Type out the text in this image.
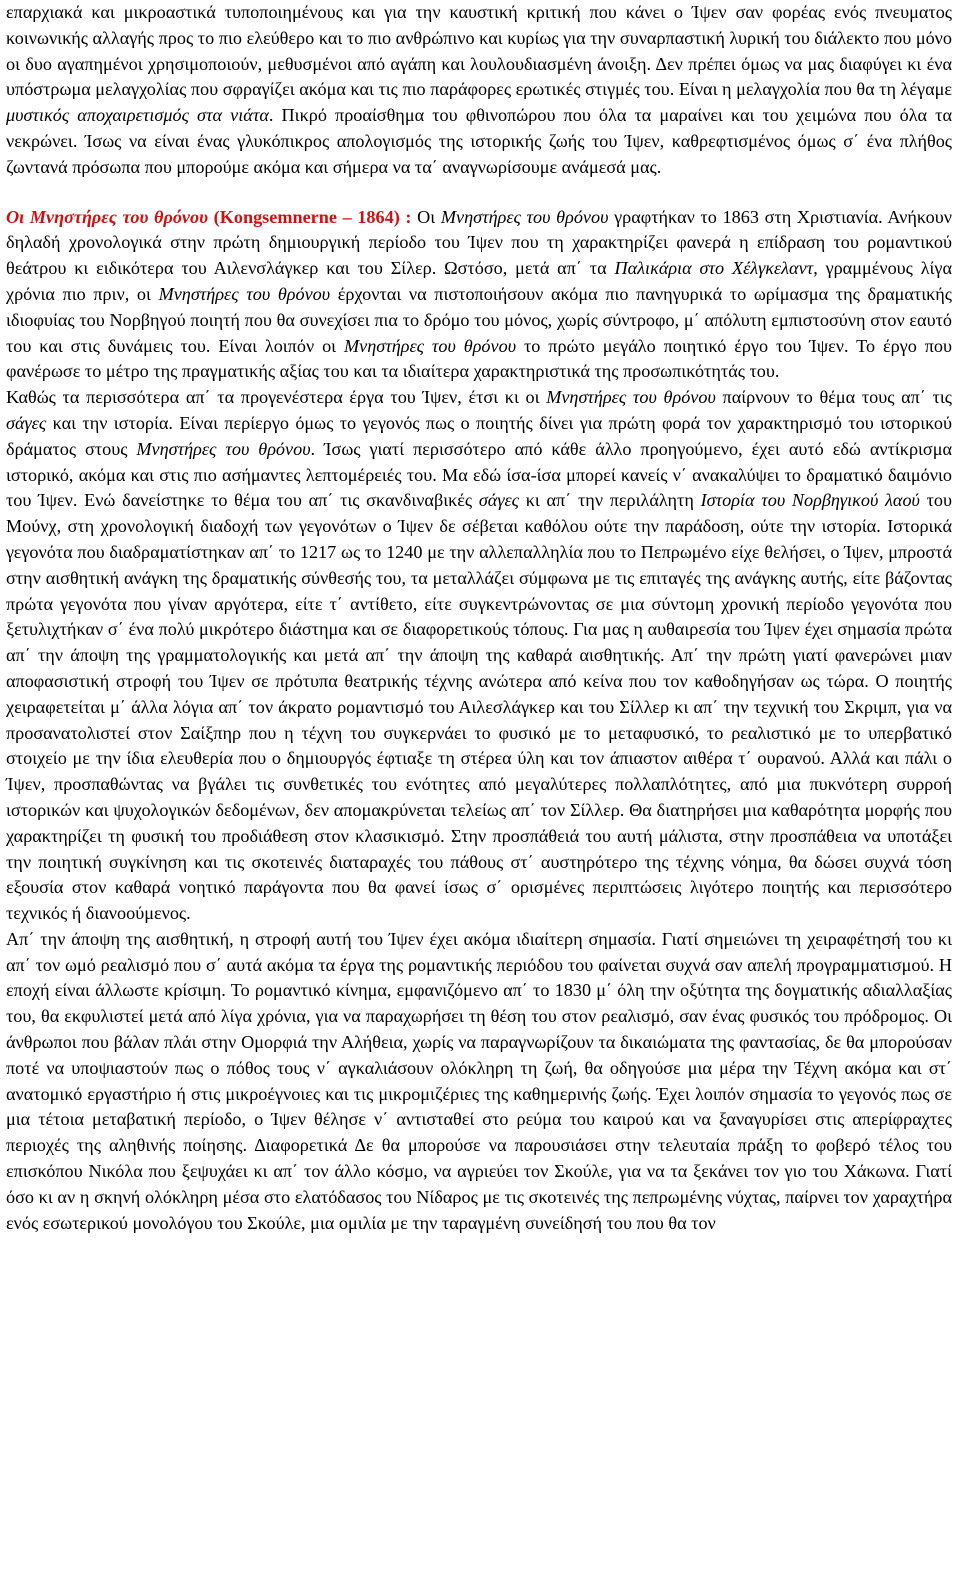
επαρχιακά και μικροαστικά τυποποιημένους και για την καυστική κριτική που κάνει ο Ίψεν σαν φορέας ενός πνευματος κοινωνικής αλλαγής προς το πιο ελεύθερο και το πιο ανθρώπινο και κυρίως για την συναρπαστική λυρική του διάλεκτο που μόνο οι δυο αγαπημένοι χρησιμοποιούν, μεθυσμένοι από αγάπη και λουλουδιασμένη άνοιξη. Δεν πρέπει όμως να μας διαφύγει κι ένα υπόστρωμα μελαγχολίας που σφραγίζει ακόμα και τις πιο παράφορες ερωτικές στιγμές του. Είναι η μελαγχολία που θα τη λέγαμε μυστικός αποχαιρετισμός στα νιάτα. Πικρό προαίσθημα του φθινοπώρου που όλα τα μαραίνει και του χειμώνα που όλα τα νεκρώνει. Ίσως να είναι ένας γλυκόπικρος απολογισμός της ιστορικής ζωής του Ίψεν, καθρεφτισμένος όμως σ΄ ένα πλήθος ζωντανά πρόσωπα που μπορούμε ακόμα και σήμερα να τα΄ αναγνωρίσουμε ανάμεσά μας.

Οι Μνηστήρες του θρόνου (Kongsemnerne – 1864) : Οι Μνηστήρες του θρόνου γραφτήκαν το 1863 στη Χριστιανία. Ανήκουν δηλαδή χρονολογικά στην πρώτη δημιουργική περίοδο του Ίψεν που τη χαρακτηρίζει φανερά η επίδραση του ρομαντικού θεάτρου κι ειδικότερα του Αιλενσλάγκερ και του Σίλερ. Ωστόσο, μετά απ΄ τα Παλικάρια στο Χέλγκελαντ, γραμμένους λίγα χρόνια πιο πριν, οι Μνηστήρες του θρόνου έρχονται να πιστοποιήσουν ακόμα πιο πανηγυρικά το ωρίμασμα της δραματικής ιδιοφυίας του Νορβηγού ποιητή που θα συνεχίσει πια το δρόμο του μόνος, χωρίς σύντροφο, μ΄ απόλυτη εμπιστοσύνη στον εαυτό του και στις δυνάμεις του. Είναι λοιπόν οι Μνηστήρες του θρόνου το πρώτο μεγάλο ποιητικό έργο του Ίψεν. Το έργο που φανέρωσε το μέτρο της πραγματικής αξίας του και τα ιδιαίτερα χαρακτηριστικά της προσωπικότητάς του.

Καθώς τα περισσότερα απ΄ τα προγενέστερα έργα του Ίψεν, έτσι κι οι Μνηστήρες του θρόνου παίρνουν το θέμα τους απ΄ τις σάγες και την ιστορία. Είναι περίεργο όμως το γεγονός πως ο ποιητής δίνει για πρώτη φορά τον χαρακτηρισμό του ιστορικού δράματος στους Μνηστήρες του θρόνου. Ίσως γιατί περισσότερο από κάθε άλλο προηγούμενο, έχει αυτό εδώ αντίκρισμα ιστορικό, ακόμα και στις πιο ασήμαντες λεπτομέρειές του. Μα εδώ ίσα-ίσα μπορεί κανείς ν΄ ανακαλύψει το δραματικό δαιμόνιο του Ίψεν. Ενώ δανείστηκε το θέμα του απ΄ τις σκανδιναβικές σάγες κι απ΄ την περιλάλητη Ιστορία του Νορβηγικού λαού του Μούνχ, στη χρονολογική διαδοχή των γεγονότων ο Ίψεν δε σέβεται καθόλου ούτε την παράδοση, ούτε την ιστορία. Ιστορικά γεγονότα που διαδραματίστηκαν απ΄ το 1217 ως το 1240 με την αλλεπαλληλία που το Πεπρωμένο είχε θελήσει, ο Ίψεν, μπροστά στην αισθητική ανάγκη της δραματικής σύνθεσής του, τα μεταλλάζει σύμφωνα με τις επιταγές της ανάγκης αυτής, είτε βάζοντας πρώτα γεγονότα που γίναν αργότερα, είτε τ΄ αντίθετο, είτε συγκεντρώνοντας σε μια σύντομη χρονική περίοδο γεγονότα που ξετυλιχτήκαν σ΄ ένα πολύ μικρότερο διάστημα και σε διαφορετικούς τόπους. Για μας η αυθαιρεσία του Ίψεν έχει σημασία πρώτα απ΄ την άποψη της γραμματολογικής και μετά απ΄ την άποψη της καθαρά αισθητικής. Απ΄ την πρώτη γιατί φανερώνει μιαν αποφασιστική στροφή του Ίψεν σε πρότυπα θεατρικής τέχνης ανώτερα από κείνα που τον καθοδηγήσαν ως τώρα. Ο ποιητής χειραφετείται μ΄ άλλα λόγια απ΄ τον άκρατο ρομαντισμό του Αιλεσλάγκερ και του Σίλλερ κι απ΄ την τεχνική του Σκριμπ, για να προσανατολιστεί στον Σαίξπηρ που η τέχνη του συγκερνάει το φυσικό με το μεταφυσικό, το ρεαλιστικό με το υπερβατικό στοιχείο με την ίδια ελευθερία που ο δημιουργός έφτιαξε τη στέρεα ύλη και τον άπιαστον αιθέρα τ΄ ουρανού. Αλλά και πάλι ο Ίψεν, προσπαθώντας να βγάλει τις συνθετικές του ενότητες από μεγαλύτερες πολλαπλότητες, από μια πυκνότερη συρροή ιστορικών και ψυχολογικών δεδομένων, δεν απομακρύνεται τελείως απ΄ τον Σίλλερ. Θα διατηρήσει μια καθαρότητα μορφής που χαρακτηρίζει τη φυσική του προδιάθεση στον κλασικισμό. Στην προσπάθειά του αυτή μάλιστα, στην προσπάθεια να υποτάξει την ποιητική συγκίνηση και τις σκοτεινές διαταραχές του πάθους στ΄ αυστηρότερο της τέχνης νόημα, θα δώσει συχνά τόση εξουσία στον καθαρά νοητικό παράγοντα που θα φανεί ίσως σ΄ ορισμένες περιπτώσεις λιγότερο ποιητής και περισσότερο τεχνικός ή διανοούμενος.

Απ΄ την άποψη της αισθητική, η στροφή αυτή του Ίψεν έχει ακόμα ιδιαίτερη σημασία. Γιατί σημειώνει τη χειραφέτησή του κι απ΄ τον ωμό ρεαλισμό που σ΄ αυτά ακόμα τα έργα της ρομαντικής περιόδου του φαίνεται συχνά σαν απελή προγραμματισμού. Η εποχή είναι άλλωστε κρίσιμη. Το ρομαντικό κίνημα, εμφανιζόμενο απ΄ το 1830 μ΄ όλη την οξύτητα της δογματικής αδιαλλαξίας του, θα εκφυλιστεί μετά από λίγα χρόνια, για να παραχωρήσει τη θέση του στον ρεαλισμό, σαν ένας φυσικός του πρόδρομος. Οι άνθρωποι που βάλαν πλάι στην Ομορφιά την Αλήθεια, χωρίς να παραγνωρίζουν τα δικαιώματα της φαντασίας, δε θα μπορούσαν ποτέ να υποψιαστούν πως ο πόθος τους ν΄ αγκαλιάσουν ολόκληρη τη ζωή, θα οδηγούσε μια μέρα την Τέχνη ακόμα και στ΄ ανατομικό εργαστήριο ή στις μικροέγνοιες και τις μικρομιζέριες της καθημερινής ζωής. Έχει λοιπόν σημασία το γεγονός πως σε μια τέτοια μεταβατική περίοδο, ο Ίψεν θέλησε ν΄ αντισταθεί στο ρεύμα του καιρού και να ξαναγυρίσει στις απερίφραχτες περιοχές της αληθινής ποίησης. Διαφορετικά Δε θα μπορούσε να παρουσιάσει στην τελευταία πράξη το φοβερό τέλος του επισκόπου Νικόλα που ξεψυχάει κι απ΄ τον άλλο κόσμο, να αγριεύει τον Σκούλε, για να τα ξεκάνει τον γιο του Χάκωνα. Γιατί όσο κι αν η σκηνή ολόκληρη μέσα στο ελατόδασος του Νίδαρος με τις σκοτεινές της πεπρωμένης νύχτας, παίρνει τον χαραχτήρα ενός εσωτερικού μονολόγου του Σκούλε, μια ομιλία με την ταραγμένη συνείδησή του που θα τον
